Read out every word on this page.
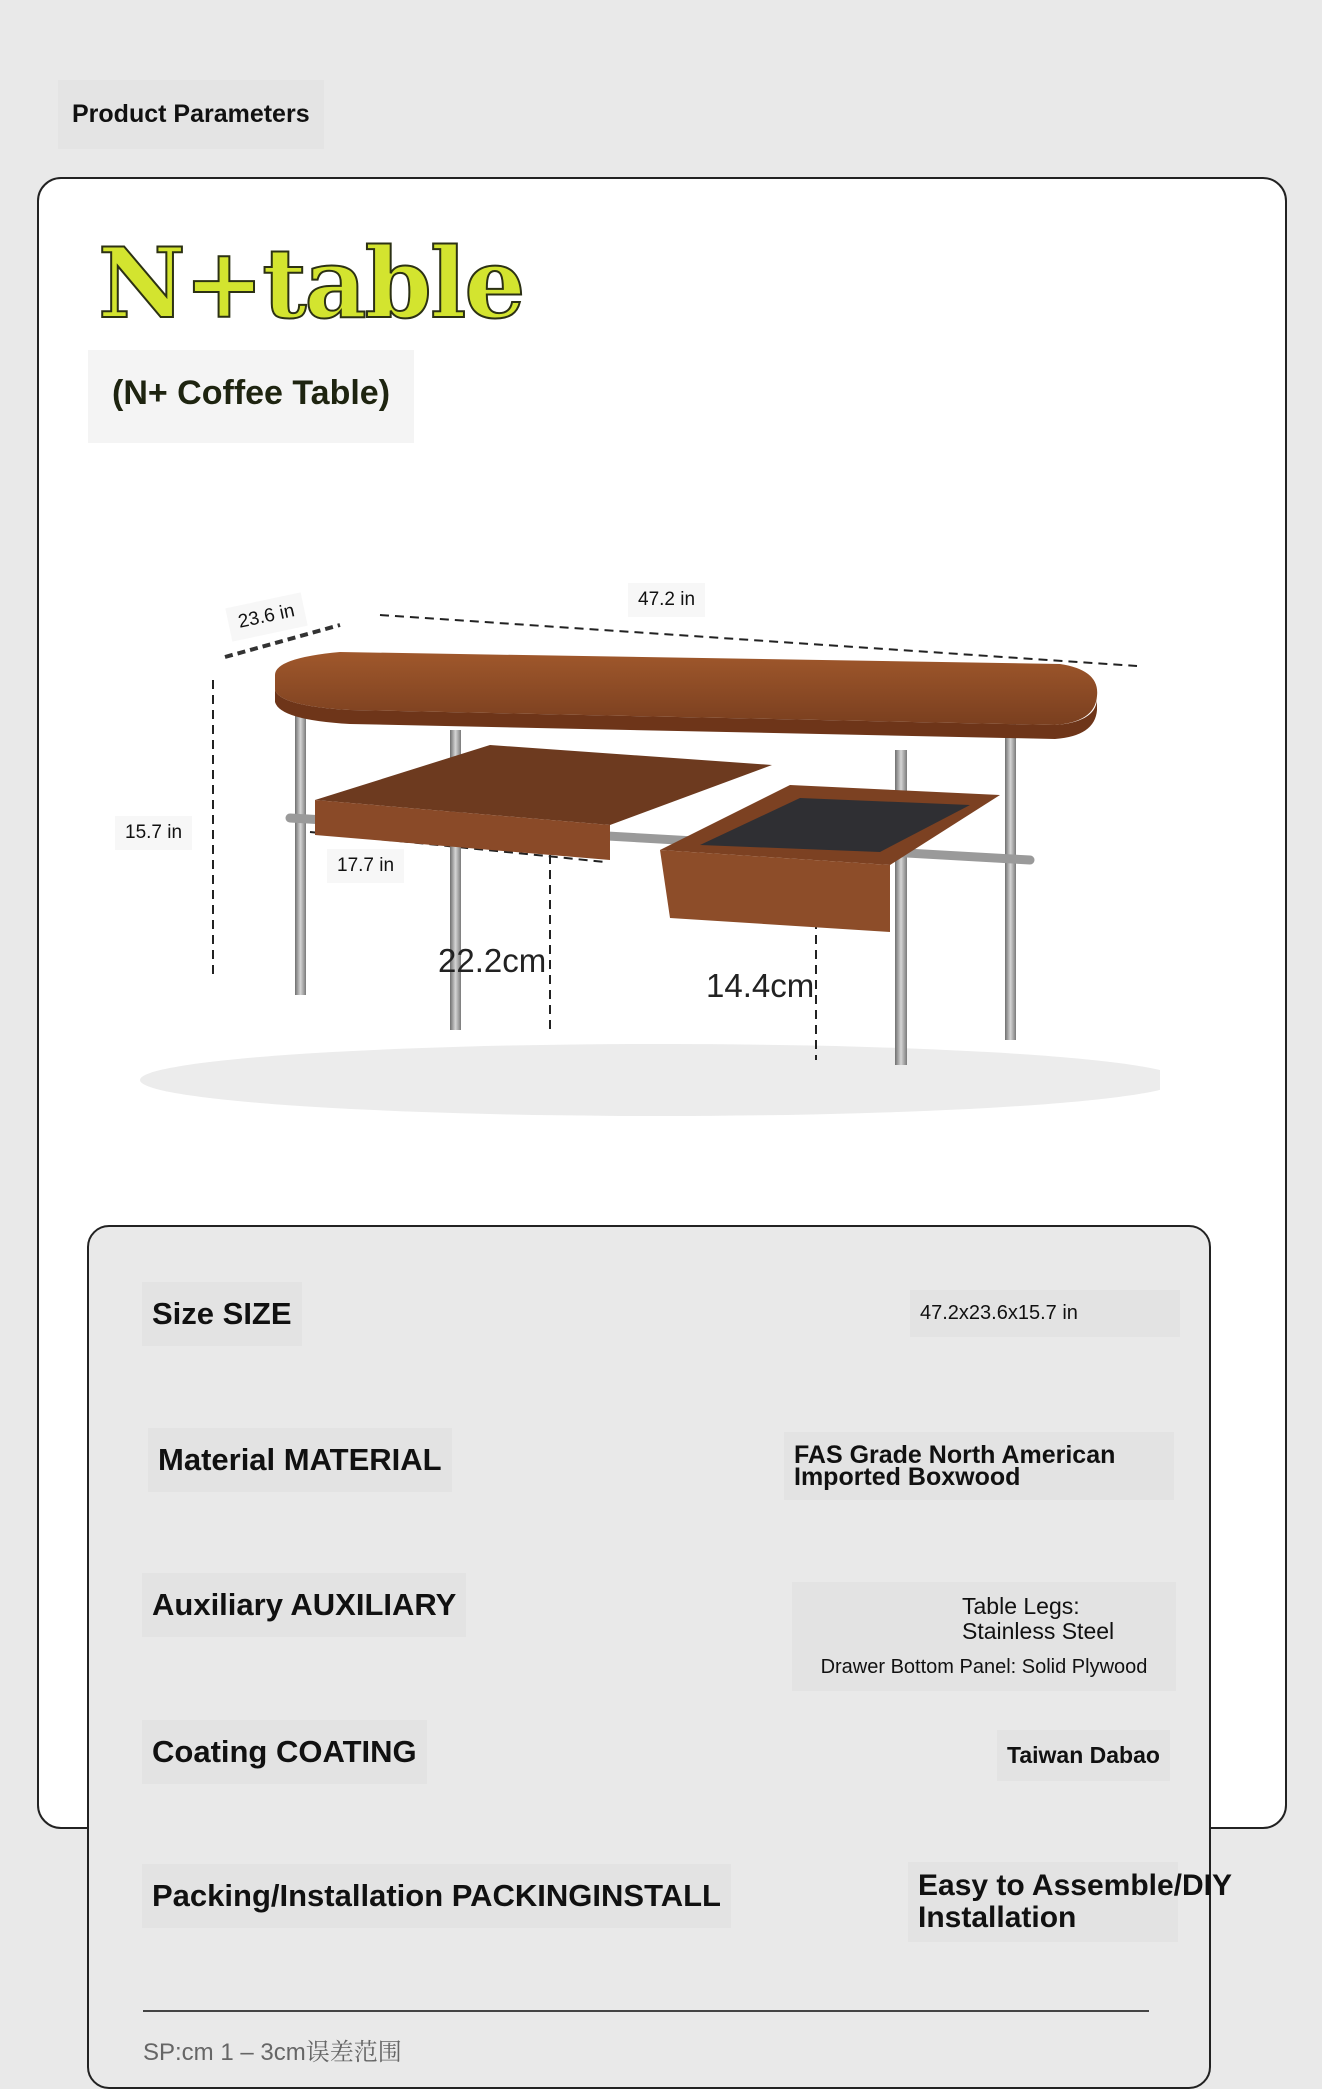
Product Parameters
N+table
(N+ Coffee Table)
23.6 in
47.2 in
15.7 in
17.7 in
22.2cm
14.4cm
Size SIZE	47.2x23.6x15.7 in
Material MATERIAL	FAS Grade North American
Imported Boxwood
Auxiliary AUXILIARY	Table Legs:
Stainless Steel
Drawer Bottom Panel: Solid Plywood
Coating COATING	Taiwan Dabao
Packing/Installation PACKINGINSTALL	Easy to Assemble/DIY
Installation
SP:cm 1 – 3cm误差范围
